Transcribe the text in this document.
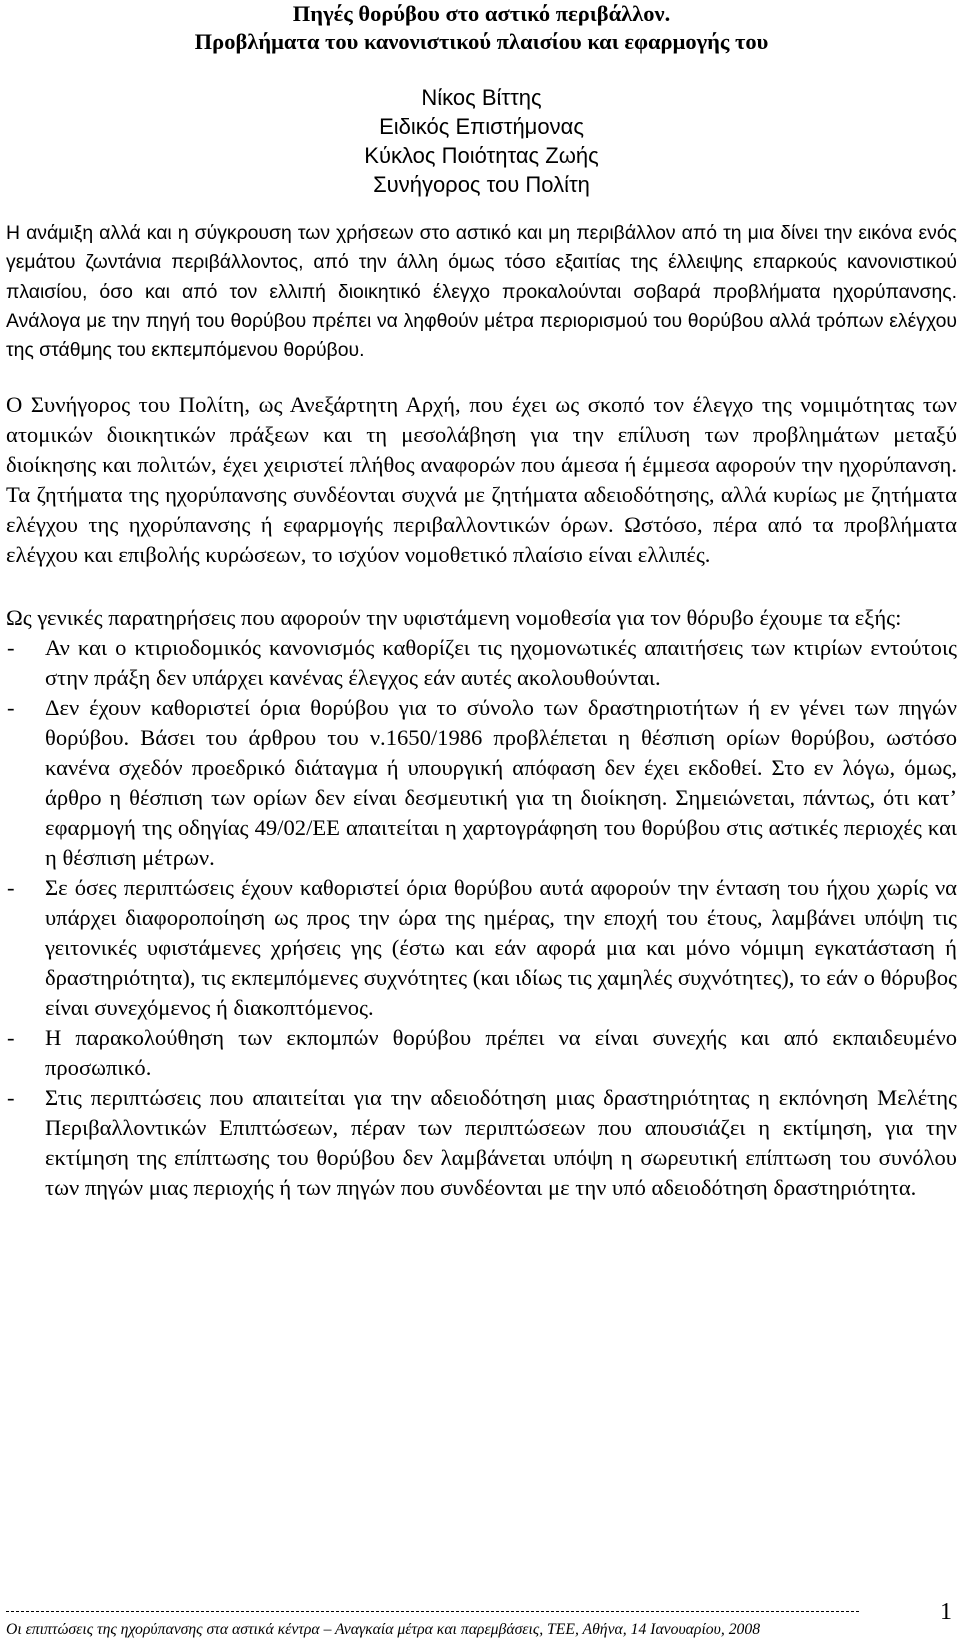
Πηγές θορύβου στο αστικό περιβάλλον.
Προβλήματα του κανονιστικού πλαισίου και εφαρμογής του
Νίκος Βίττης
Ειδικός Επιστήμονας
Κύκλος Ποιότητας Ζωής
Συνήγορος του Πολίτη

Η ανάμιξη αλλά και η σύγκρουση των χρήσεων στο αστικό και μη περιβάλλον από τη μια δίνει την εικόνα ενός γεμάτου ζωντάνια περιβάλλοντος, από την άλλη όμως τόσο εξαιτίας της έλλειψης επαρκούς κανονιστικού πλαισίου, όσο και από τον ελλιπή διοικητικό έλεγχο προκαλούνται σοβαρά προβλήματα ηχορύπανσης. Ανάλογα με την πηγή του θορύβου πρέπει να ληφθούν μέτρα περιορισμού του θορύβου αλλά τρόπων ελέγχου της στάθμης του εκπεμπόμενου θορύβου.

Ο Συνήγορος του Πολίτη, ως Ανεξάρτητη Αρχή, που έχει ως σκοπό τον έλεγχο της νομιμότητας των ατομικών διοικητικών πράξεων και τη μεσολάβηση για την επίλυση των προβλημάτων μεταξύ διοίκησης και πολιτών, έχει χειριστεί πλήθος αναφορών που άμεσα ή έμμεσα αφορούν την ηχορύπανση. Τα ζητήματα της ηχορύπανσης συνδέονται συχνά με ζητήματα αδειοδότησης, αλλά κυρίως με ζητήματα ελέγχου της ηχορύπανσης ή εφαρμογής περιβαλλοντικών όρων. Ωστόσο, πέρα από τα προβλήματα ελέγχου και επιβολής κυρώσεων, το ισχύον νομοθετικό πλαίσιο είναι ελλιπές.

Ως γενικές παρατηρήσεις που αφορούν την υφιστάμενη νομοθεσία για τον θόρυβο έχουμε τα εξής:

- Αν και ο κτιριοδομικός κανονισμός καθορίζει τις ηχομονωτικές απαιτήσεις των κτιρίων εντούτοις στην πράξη δεν υπάρχει κανένας έλεγχος εάν αυτές ακολουθούνται.
- Δεν έχουν καθοριστεί όρια θορύβου για το σύνολο των δραστηριοτήτων ή εν γένει των πηγών θορύβου. Βάσει του άρθρου του ν.1650/1986 προβλέπεται η θέσπιση ορίων θορύβου, ωστόσο κανένα σχεδόν προεδρικό διάταγμα ή υπουργική απόφαση δεν έχει εκδοθεί. Στο εν λόγω, όμως, άρθρο η θέσπιση των ορίων δεν είναι δεσμευτική για τη διοίκηση. Σημειώνεται, πάντως, ότι κατ’ εφαρμογή της οδηγίας 49/02/ΕΕ απαιτείται η χαρτογράφηση του θορύβου στις αστικές περιοχές και η θέσπιση μέτρων.
- Σε όσες περιπτώσεις έχουν καθοριστεί όρια θορύβου αυτά αφορούν την ένταση του ήχου χωρίς να υπάρχει διαφοροποίηση ως προς την ώρα της ημέρας, την εποχή του έτους, λαμβάνει υπόψη τις γειτονικές υφιστάμενες χρήσεις γης (έστω και εάν αφορά μια και μόνο νόμιμη εγκατάσταση ή δραστηριότητα), τις εκπεμπόμενες συχνότητες (και ιδίως τις χαμηλές συχνότητες), το εάν ο θόρυβος είναι συνεχόμενος ή διακοπτόμενος.
- Η παρακολούθηση των εκπομπών θορύβου πρέπει να είναι συνεχής και από εκπαιδευμένο προσωπικό.
- Στις περιπτώσεις που απαιτείται για την αδειοδότηση μιας δραστηριότητας η εκπόνηση Μελέτης Περιβαλλοντικών Επιπτώσεων, πέραν των περιπτώσεων που απουσιάζει η εκτίμηση, για την εκτίμηση της επίπτωσης του θορύβου δεν λαμβάνεται υπόψη η σωρευτική επίπτωση του συνόλου των πηγών μιας περιοχής ή των πηγών που συνδέονται με την υπό αδειοδότηση δραστηριότητα.
1
Οι επιπτώσεις της ηχορύπανσης στα αστικά κέντρα – Αναγκαία μέτρα και παρεμβάσεις, ΤΕΕ, Αθήνα, 14 Ιανουαρίου, 2008
